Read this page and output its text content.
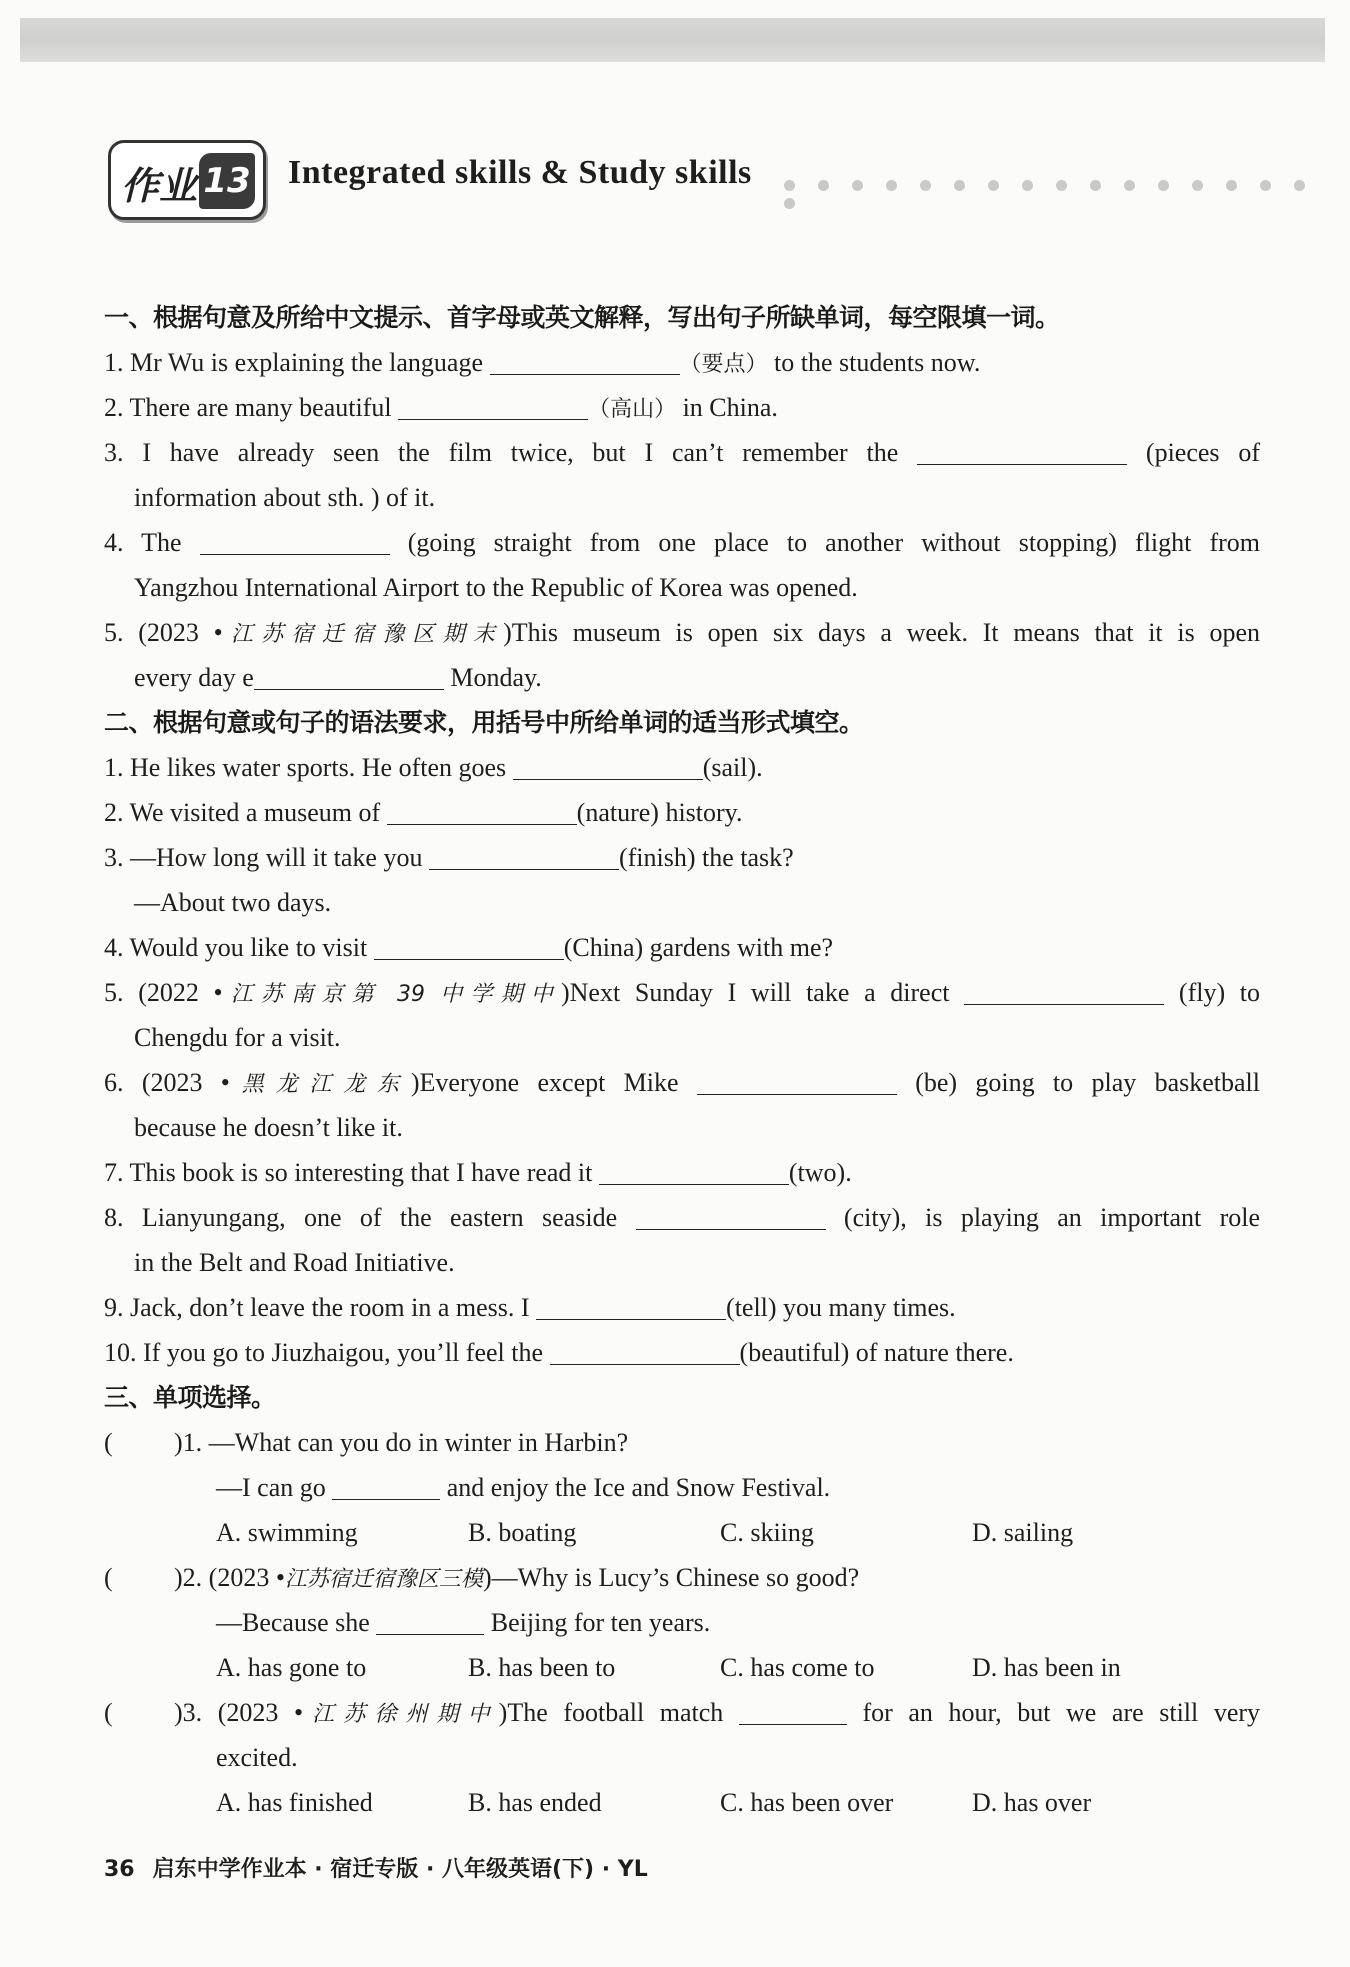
作业 13 Integrated skills & Study skills
一、根据句意及所给中文提示、首字母或英文解释，写出句子所缺单词，每空限填一词。
1. Mr Wu is explaining the language	（要点） to the students now.
2. There are many beautiful	（高山） in China.
3. I have already seen the film twice, but I can’t remember the	(pieces of
information about sth. ) of it.
4. The	(going straight from one place to another without stopping) flight from
Yangzhou International Airport to the Republic of Korea was opened.
5. (2023 •江苏宿迁宿豫区期末)This museum is open six days a week. It means that it is open
every day e	Monday.
二、根据句意或句子的语法要求，用括号中所给单词的适当形式填空。
1. He likes water sports. He often goes	(sail).
2. We visited a museum of	(nature) history.
3. —How long will it take you	(finish) the task?
—About two days.
4. Would you like to visit	(China) gardens with me?
5. (2022 •江苏南京第 39 中学期中)Next Sunday I will take a direct	(fly) to
Chengdu for a visit.
6. (2023 •黑龙江龙东)Everyone except Mike	(be) going to play basketball
because he doesn’t like it.
7. This book is so interesting that I have read it	(two).
8. Lianyungang, one of the eastern seaside	(city), is playing an important role
in the Belt and Road Initiative.
9. Jack, don’t leave the room in a mess. I	(tell) you many times.
10. If you go to Jiuzhaigou, you’ll feel the	(beautiful) of nature there.
三、单项选择。
( )1. —What can you do in winter in Harbin?
—I can go	and enjoy the Ice and Snow Festival.
A. swimming	B. boating	C. skiing	D. sailing
( )2. (2023 •江苏宿迁宿豫区三模)—Why is Lucy’s Chinese so good?
—Because she	Beijing for ten years.
A. has gone to	B. has been to	C. has come to	D. has been in
( )3. (2023 •江苏徐州期中)The football match	for an hour, but we are still very
excited.
A. has finished	B. has ended	C. has been over	D. has over
36 启东中学作业本 · 宿迁专版 · 八年级英语(下) · YL
